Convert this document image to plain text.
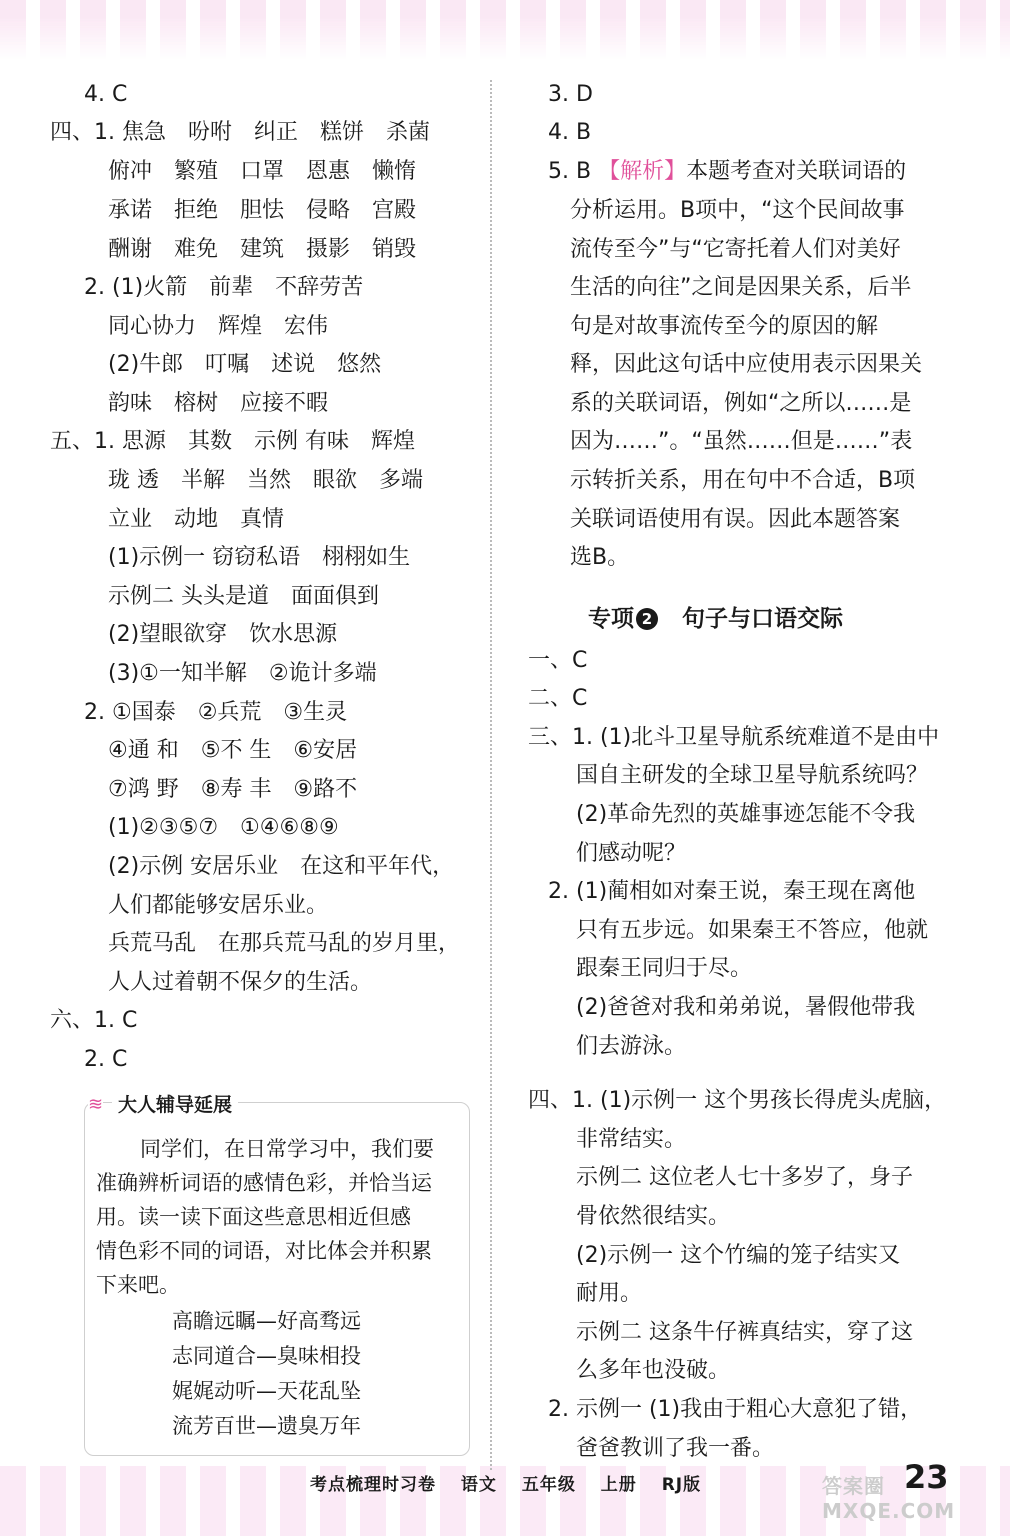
4. C
四、1. 焦急　吩咐　纠正　糕饼　杀菌
俯冲　繁殖　口罩　恩惠　懒惰
承诺　拒绝　胆怯　侵略　宫殿
酬谢　难免　建筑　摄影　销毁
2. (1)火箭　前辈　不辞劳苦
同心协力　辉煌　宏伟
(2)牛郎　叮嘱　述说　悠然
韵味　榕树　应接不暇
五、1. 思源　其数　示例 有味　辉煌
珑 透　半解　当然　眼欲　多端
立业　动地　真情
(1)示例一 窃窃私语　栩栩如生
示例二 头头是道　面面俱到
(2)望眼欲穿　饮水思源
(3)①一知半解　②诡计多端
2. ①国泰　②兵荒　③生灵
④通 和　⑤不 生　⑥安居
⑦鸿 野　⑧寿 丰　⑨路不
(1)②③⑤⑦　①④⑥⑧⑨
(2)示例 安居乐业　在这和平年代，
人们都能够安居乐业。
兵荒马乱　在那兵荒马乱的岁月里，
人人过着朝不保夕的生活。
六、1. C
2. C
≋ 大人辅导延展
同学们，在日常学习中，我们要
准确辨析词语的感情色彩，并恰当运
用。读一读下面这些意思相近但感
情色彩不同的词语，对比体会并积累
下来吧。
高瞻远瞩—好高骛远
志同道合—臭味相投
娓娓动听—天花乱坠
流芳百世—遗臭万年
3. D
4. B
5. B 【解析】本题考查对关联词语的
分析运用。B项中，“这个民间故事
流传至今”与“它寄托着人们对美好
生活的向往”之间是因果关系，后半
句是对故事流传至今的原因的解
释，因此这句话中应使用表示因果关
系的关联词语，例如“之所以……是
因为……”。“虽然……但是……”表
示转折关系，用在句中不合适，B项
关联词语使用有误。因此本题答案
选B。
专项 2 句子与口语交际
一、C
二、C
三、1. (1)北斗卫星导航系统难道不是由中
国自主研发的全球卫星导航系统吗？
(2)革命先烈的英雄事迹怎能不令我
们感动呢？
2. (1)蔺相如对秦王说，秦王现在离他
只有五步远。如果秦王不答应，他就
跟秦王同归于尽。
(2)爸爸对我和弟弟说，暑假他带我
们去游泳。
四、1. (1)示例一 这个男孩长得虎头虎脑，
非常结实。
示例二 这位老人七十多岁了，身子
骨依然很结实。
(2)示例一 这个竹编的笼子结实又
耐用。
示例二 这条牛仔裤真结实，穿了这
么多年也没破。
2. 示例一 (1)我由于粗心大意犯了错，
爸爸教训了我一番。
考点梳理时习卷 语文 五年级 上册 RJ版	答案圈 MXQE.COM
23
